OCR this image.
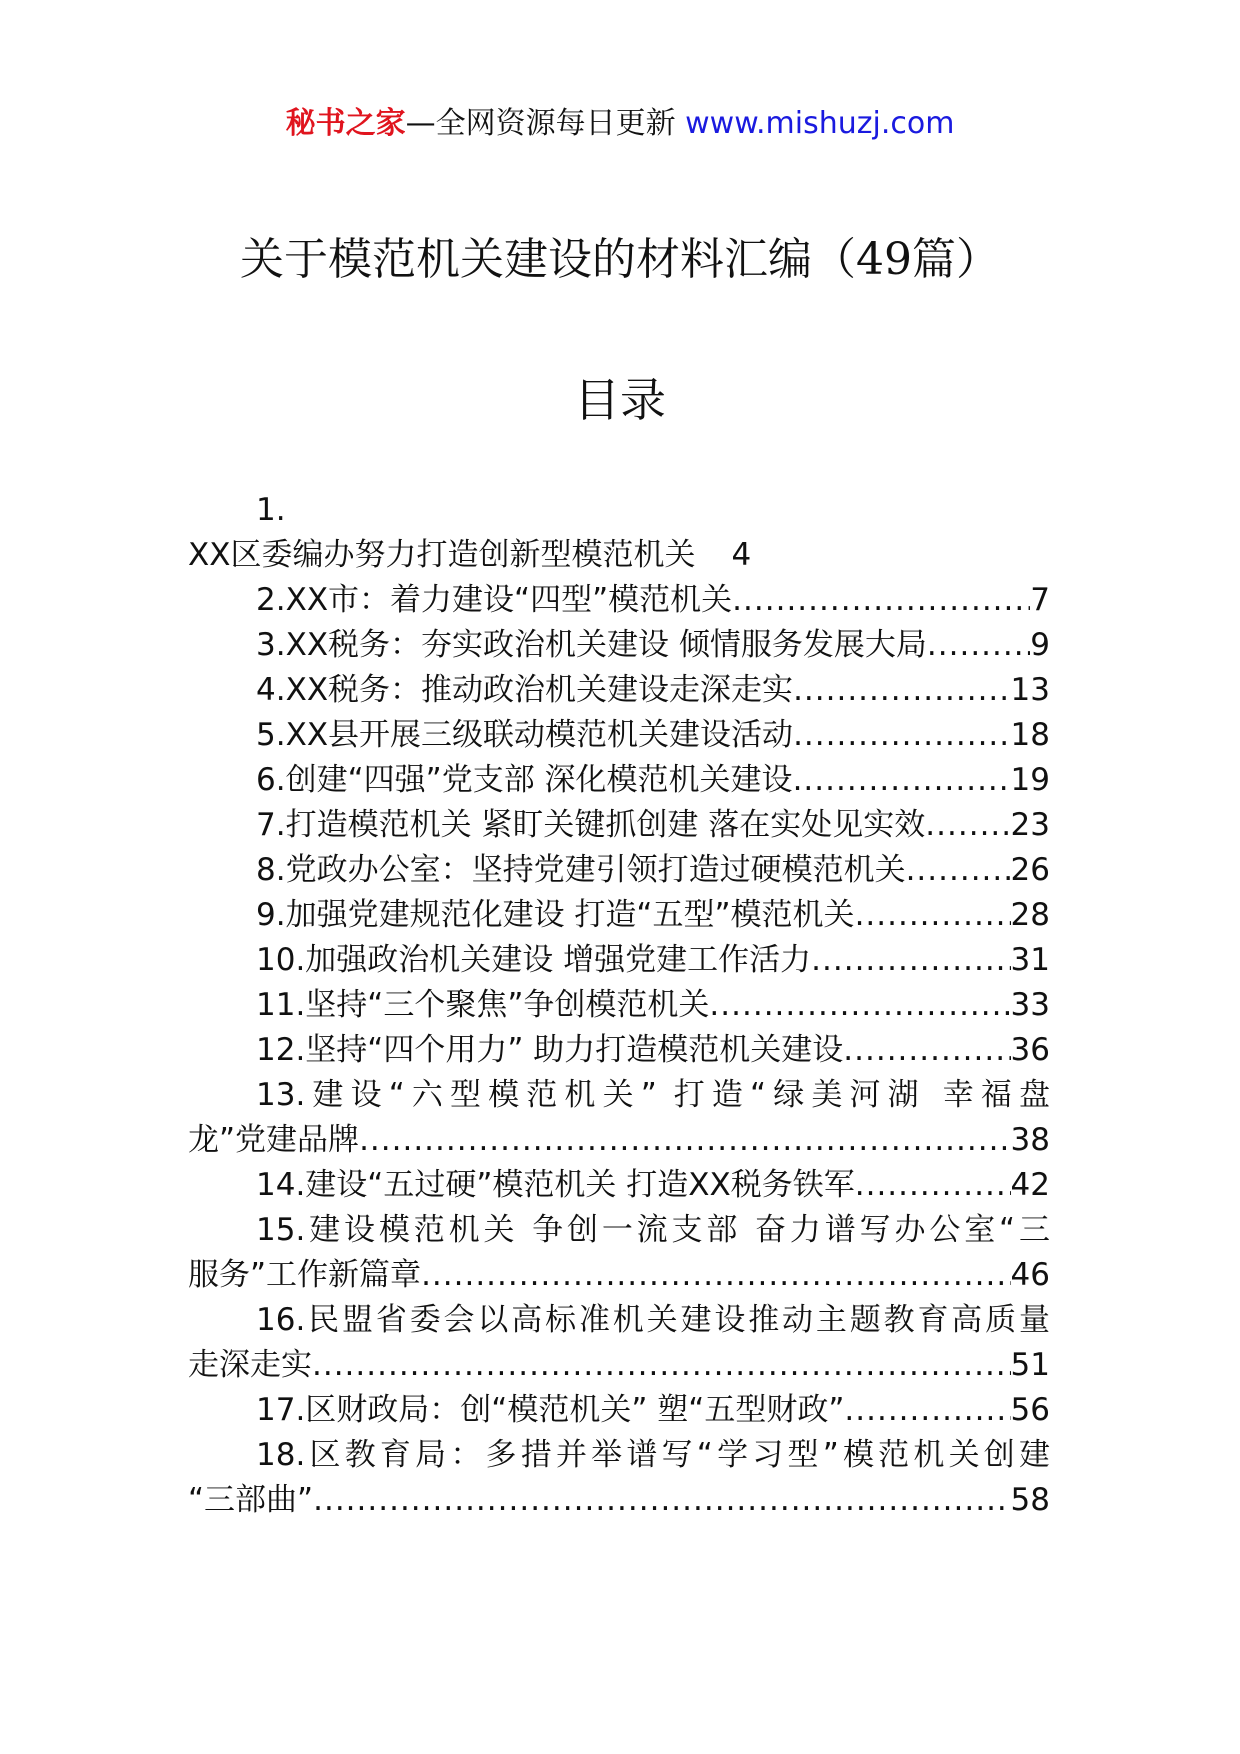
秘书之家—全网资源每日更新 www.mishuzj.com
关于模范机关建设的材料汇编（49篇）
目录
1.
XX区委编办努力打造创新型模范机关 4
2.XX市：着力建设“四型”模范机关 .....	7
3.XX税务：夯实政治机关建设 倾情服务发展大局 .....	9
4.XX税务：推动政治机关建设走深走实 .....	13
5.XX县开展三级联动模范机关建设活动 .....	18
6.创建“四强”党支部 深化模范机关建设 .....	19
7.打造模范机关 紧盯关键抓创建 落在实处见实效 .....	23
8.党政办公室：坚持党建引领打造过硬模范机关 .....	26
9.加强党建规范化建设 打造“五型”模范机关 .....	28
10.加强政治机关建设 增强党建工作活力 .....	31
11.坚持“三个聚焦”争创模范机关 .....	33
12.坚持“四个用力” 助力打造模范机关建设 .....	36
13.建设“六型模范机关” 打造“绿美河湖 幸福盘
龙”党建品牌 .....	38
14.建设“五过硬”模范机关 打造XX税务铁军 .....	42
15.建设模范机关 争创一流支部 奋力谱写办公室“三
服务”工作新篇章 .....	46
16.民盟省委会以高标准机关建设推动主题教育高质量
走深走实 .....	51
17.区财政局：创“模范机关” 塑“五型财政” .....	56
18.区教育局：多措并举谱写“学习型”模范机关创建
“三部曲” .....	58
